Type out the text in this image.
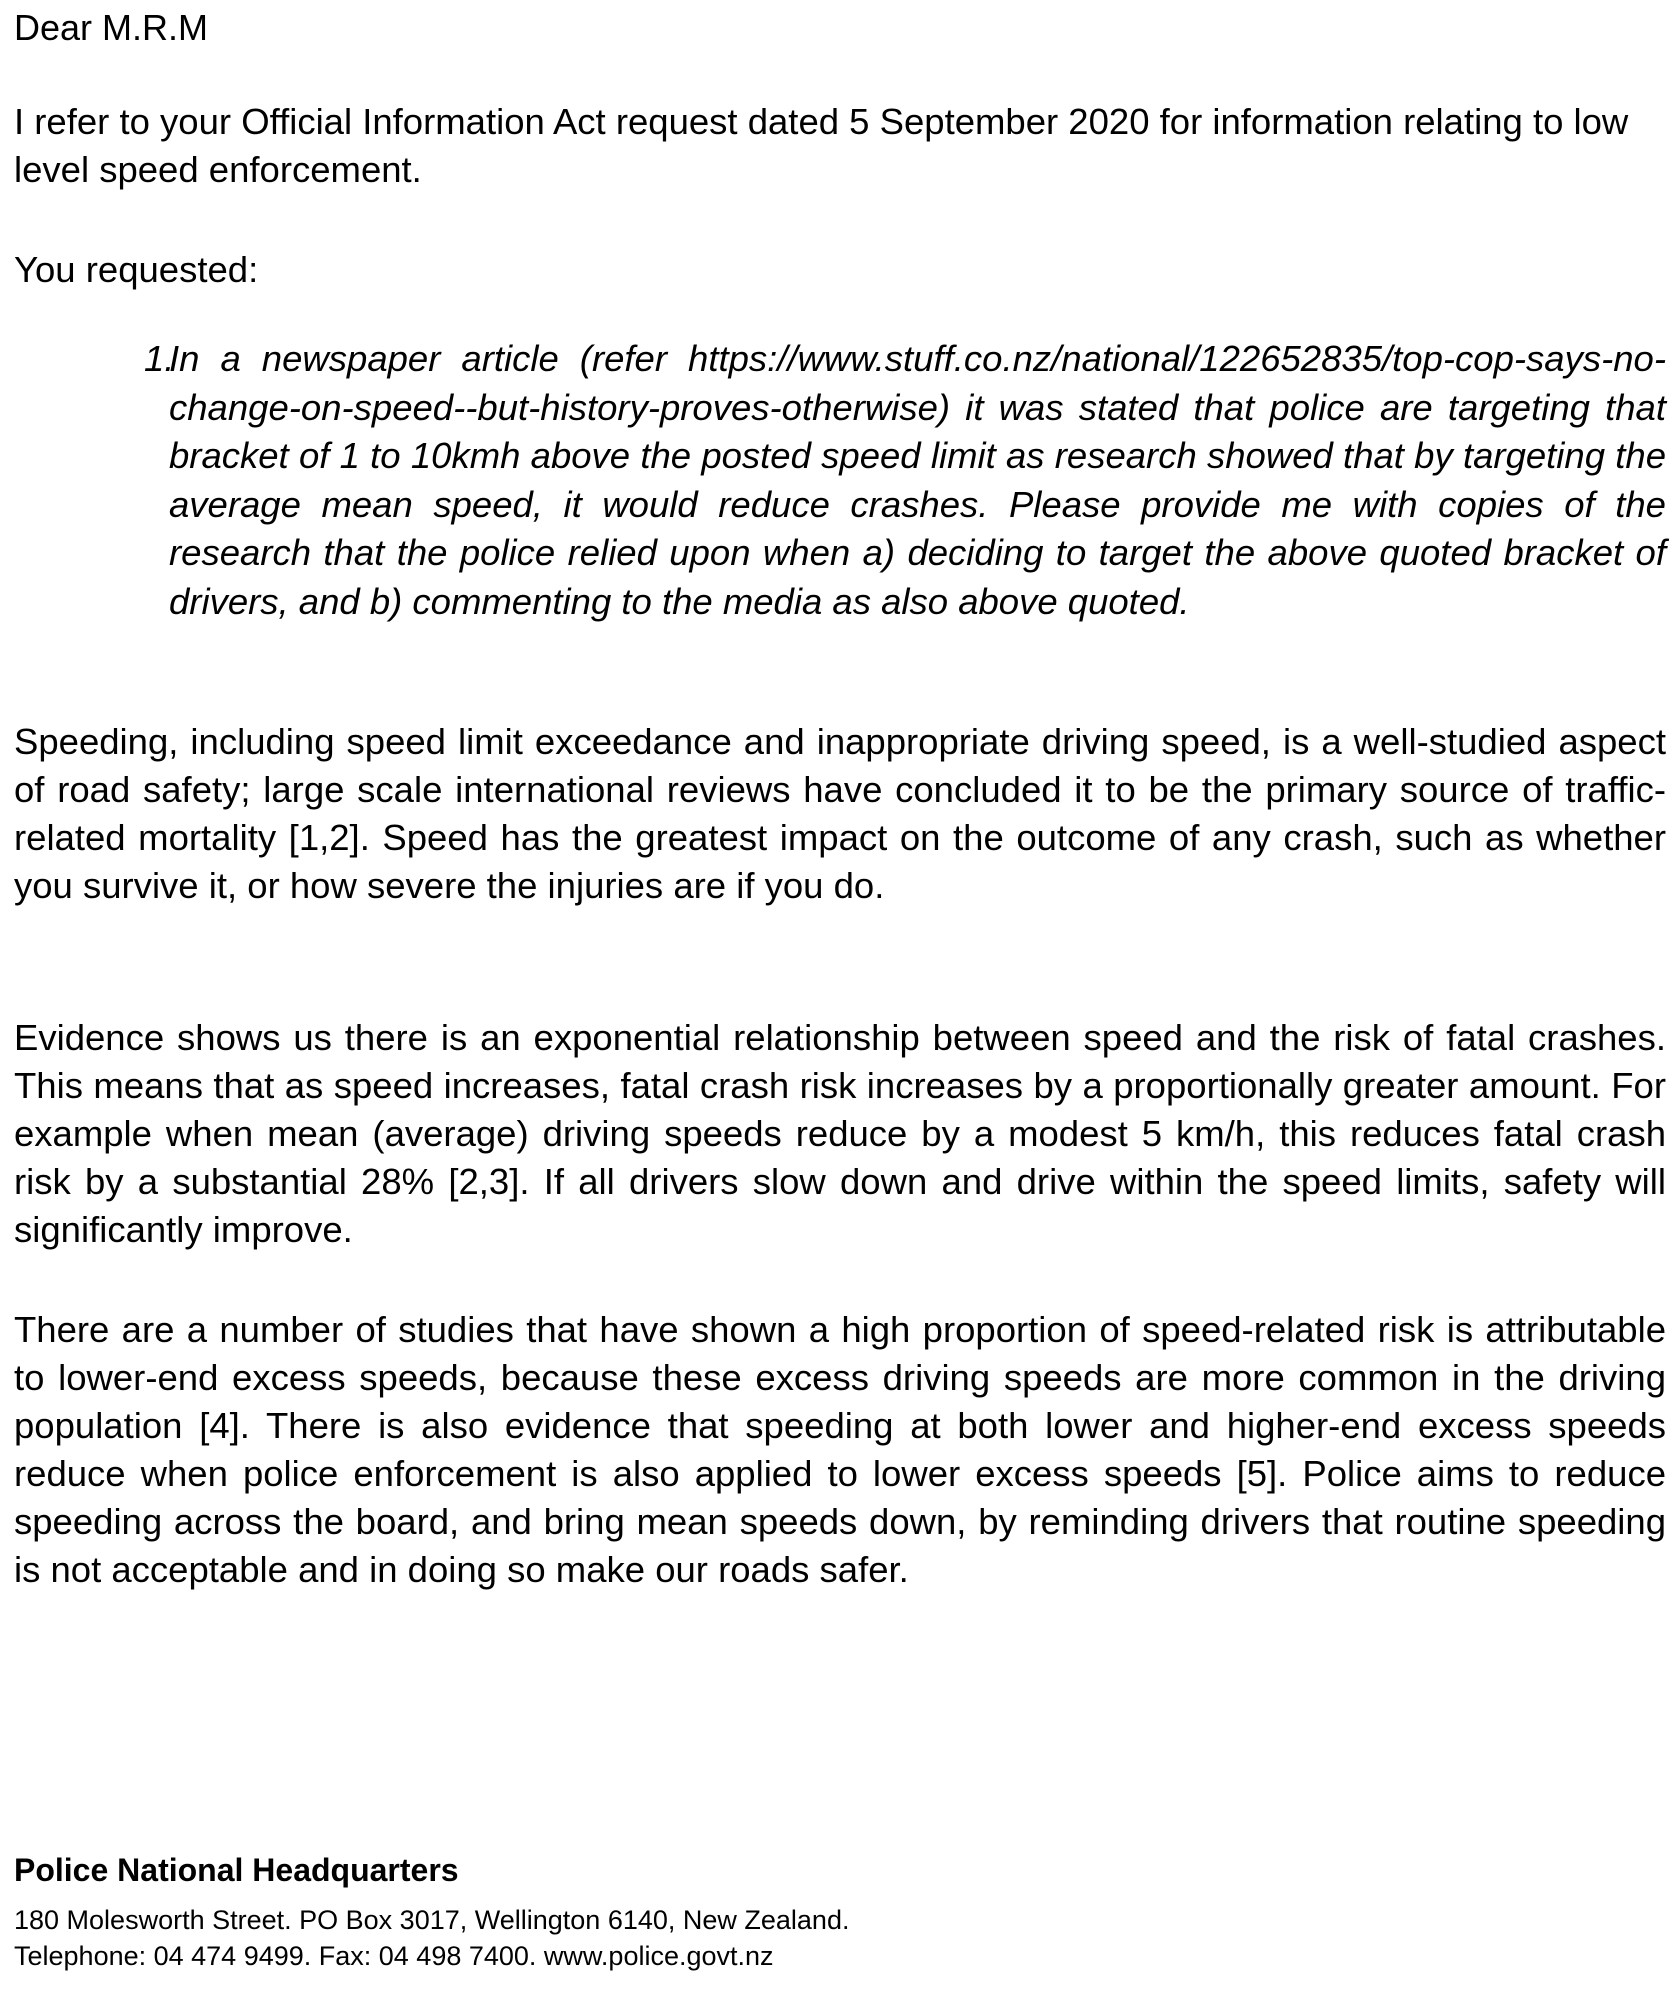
Dear M.R.M

I refer to your Official Information Act request dated 5 September 2020 for information relating to low level speed enforcement.

You requested:

1.
In a newspaper article (refer https://www.stuff.co.nz/national/122652835/top-cop-says-no-change-on-speed--but-history-proves-otherwise) it was stated that police are targeting that bracket of 1 to 10kmh above the posted speed limit as research showed that by targeting the average mean speed, it would reduce crashes. Please provide me with copies of the research that the police relied upon when a) deciding to target the above quoted bracket of drivers, and b) commenting to the media as also above quoted.

Speeding, including speed limit exceedance and inappropriate driving speed, is a well-studied aspect of road safety; large scale international reviews have concluded it to be the primary source of traffic-related mortality [1,2]. Speed has the greatest impact on the outcome of any crash, such as whether you survive it, or how severe the injuries are if you do.

Evidence shows us there is an exponential relationship between speed and the risk of fatal crashes. This means that as speed increases, fatal crash risk increases by a proportionally greater amount. For example when mean (average) driving speeds reduce by a modest 5 km/h, this reduces fatal crash risk by a substantial 28% [2,3]. If all drivers slow down and drive within the speed limits, safety will significantly improve.

There are a number of studies that have shown a high proportion of speed-related risk is attributable to lower-end excess speeds, because these excess driving speeds are more common in the driving population [4]. There is also evidence that speeding at both lower and higher-end excess speeds reduce when police enforcement is also applied to lower excess speeds [5]. Police aims to reduce speeding across the board, and bring mean speeds down, by reminding drivers that routine speeding is not acceptable and in doing so make our roads safer.

Police National Headquarters

180 Molesworth Street. PO Box 3017, Wellington 6140, New Zealand.

Telephone: 04 474 9499. Fax: 04 498 7400. www.police.govt.nz
